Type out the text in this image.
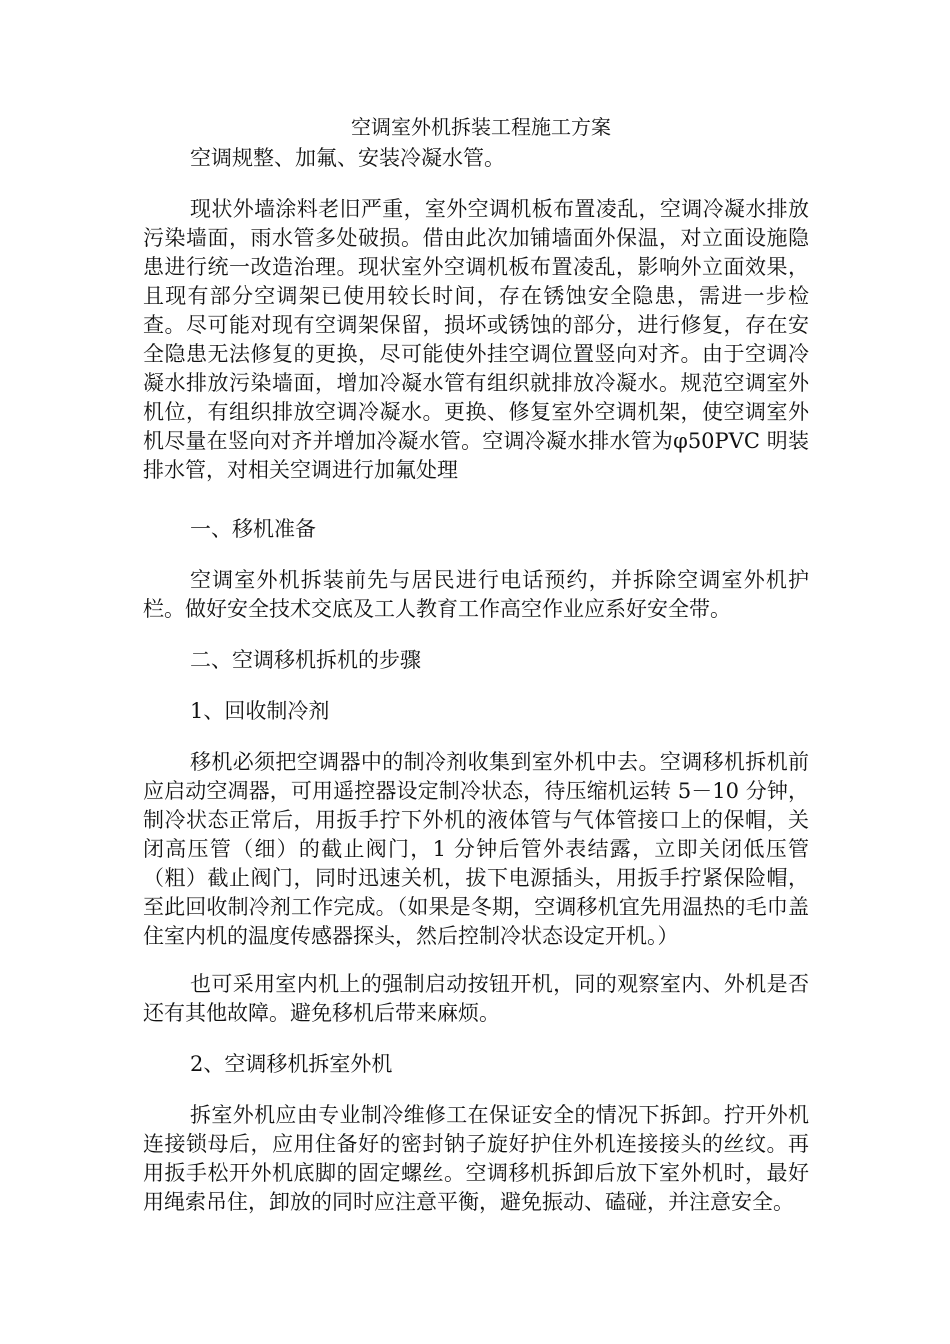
空调室外机拆装工程施工方案

空调规整、加氟、安装冷凝水管。

现状外墙涂料老旧严重，室外空调机板布置凌乱，空调冷凝水排放污染墙面，雨水管多处破损。借由此次加铺墙面外保温，对立面设施隐患进行统一改造治理。现状室外空调机板布置凌乱，影响外立面效果，且现有部分空调架已使用较长时间，存在锈蚀安全隐患，需进一步检查。尽可能对现有空调架保留，损坏或锈蚀的部分，进行修复，存在安全隐患无法修复的更换，尽可能使外挂空调位置竖向对齐。由于空调冷凝水排放污染墙面，增加冷凝水管有组织就排放冷凝水。规范空调室外机位，有组织排放空调冷凝水。更换、修复室外空调机架，使空调室外机尽量在竖向对齐并增加冷凝水管。空调冷凝水排水管为φ50PVC 明装排水管，对相关空调进行加氟处理

一、移机准备

空调室外机拆装前先与居民进行电话预约，并拆除空调室外机护栏。做好安全技术交底及工人教育工作高空作业应系好安全带。

二、空调移机拆机的步骤

1、回收制冷剂

移机必须把空调器中的制冷剂收集到室外机中去。空调移机拆机前应启动空凋器，可用遥控器设定制冷状态，待压缩机运转 5－10 分钟，制冷状态正常后，用扳手拧下外机的液体管与气体管接口上的保帽，关闭高压管（细）的截止阀门，1 分钟后管外表结露，立即关闭低压管（粗）截止阀门，同时迅速关机，拔下电源插头，用扳手拧紧保险帽，至此回收制冷剂工作完成。（如果是冬期，空调移机宜先用温热的毛巾盖住室内机的温度传感器探头，然后控制冷状态设定开机。）

也可采用室内机上的强制启动按钮开机，同的观察室内、外机是否还有其他故障。避免移机后带来麻烦。

2、空调移机拆室外机

拆室外机应由专业制冷维修工在保证安全的情况下拆卸。拧开外机连接锁母后，应用住备好的密封钠子旋好护住外机连接接头的丝纹。再用扳手松开外机底脚的固定螺丝。空调移机拆卸后放下室外机时，最好用绳索吊住，卸放的同时应注意平衡，避免振动、磕碰，并注意安全。
